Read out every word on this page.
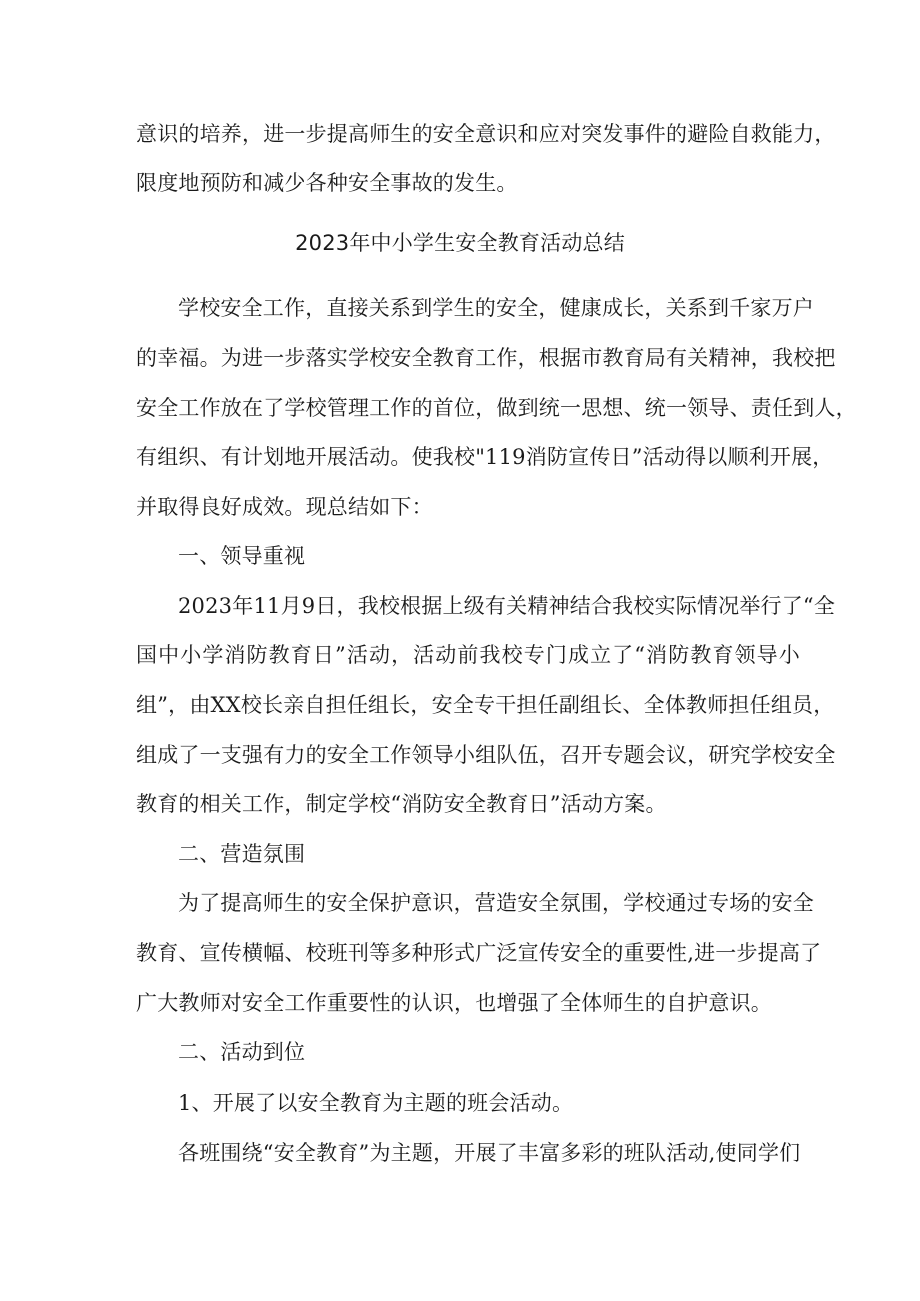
意识的培养，进一步提高师生的安全意识和应对突发事件的避险自救能力，
限度地预防和减少各种安全事故的发生。
2023年中小学生安全教育活动总结
学校安全工作，直接关系到学生的安全，健康成长，关系到千家万户
的幸福。为进一步落实学校安全教育工作，根据市教育局有关精神，我校把
安全工作放在了学校管理工作的首位，做到统一思想、统一领导、责任到人，
有组织、有计划地开展活动。使我校"119消防宣传日”活动得以顺利开展，
并取得良好成效。现总结如下：
一、领导重视
2023年11月9日，我校根据上级有关精神结合我校实际情况举行了“全
国中小学消防教育日”活动，活动前我校专门成立了“消防教育领导小
组”，由XX校长亲自担任组长，安全专干担任副组长、全体教师担任组员，
组成了一支强有力的安全工作领导小组队伍，召开专题会议，研究学校安全
教育的相关工作，制定学校“消防安全教育日”活动方案。
二、营造氛围
为了提高师生的安全保护意识，营造安全氛围，学校通过专场的安全
教育、宣传横幅、校班刊等多种形式广泛宣传安全的重要性,进一步提高了
广大教师对安全工作重要性的认识，也增强了全体师生的自护意识。
二、活动到位
1、开展了以安全教育为主题的班会活动。
各班围绕“安全教育”为主题，开展了丰富多彩的班队活动,使同学们
